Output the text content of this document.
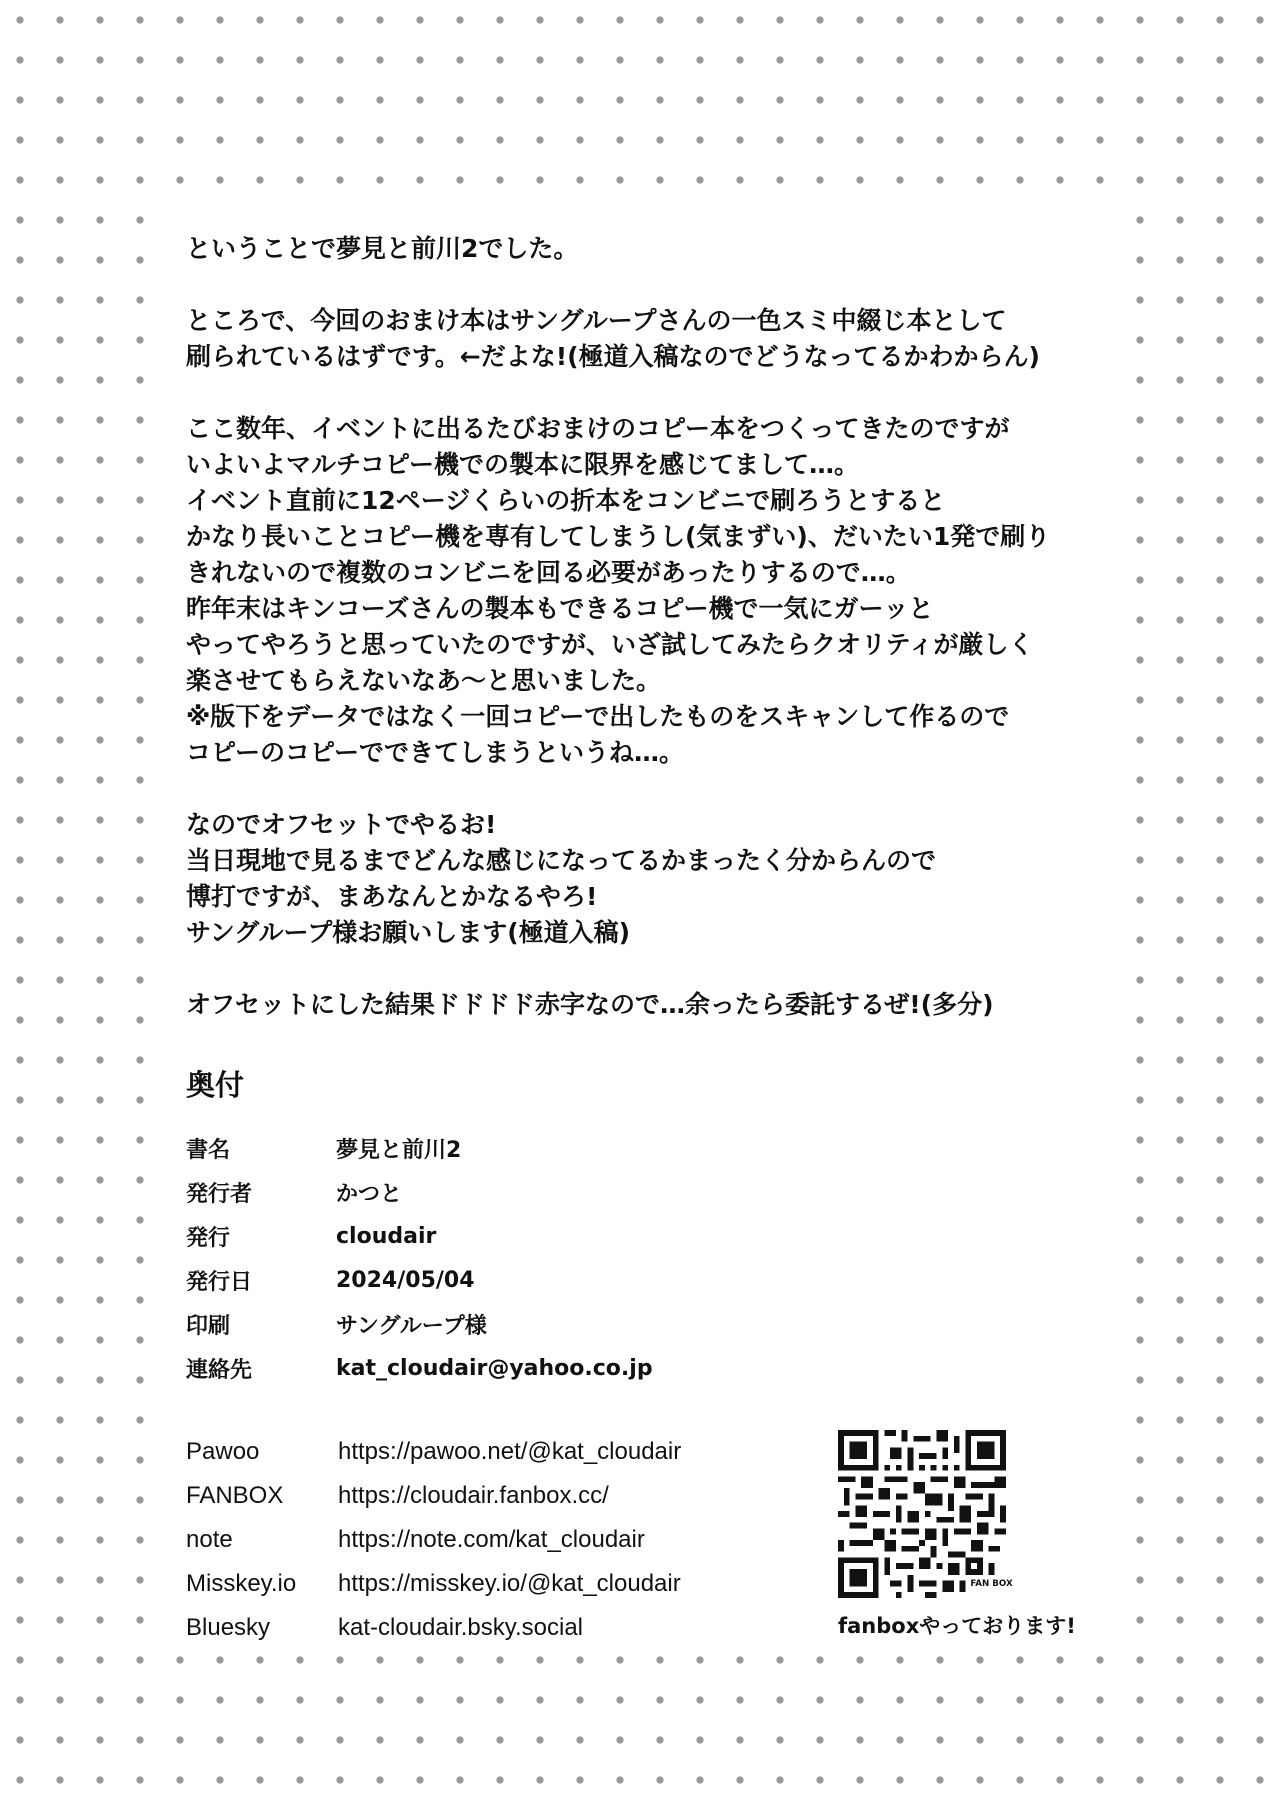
ということで夢見と前川2でした。

ところで、今回のおまけ本はサングループさんの一色スミ中綴じ本として
刷られているはずです。←だよな!(極道入稿なのでどうなってるかわからん)

ここ数年、イベントに出るたびおまけのコピー本をつくってきたのですが
いよいよマルチコピー機での製本に限界を感じてまして…。
イベント直前に12ページくらいの折本をコンビニで刷ろうとすると
かなり長いことコピー機を専有してしまうし(気まずい)、だいたい1発で刷り
きれないので複数のコンビニを回る必要があったりするので…。
昨年末はキンコーズさんの製本もできるコピー機で一気にガーッと
やってやろうと思っていたのですが、いざ試してみたらクオリティが厳しく
楽させてもらえないなあ～と思いました。
※版下をデータではなく一回コピーで出したものをスキャンして作るので
コピーのコピーでできてしまうというね…。

なのでオフセットでやるお!
当日現地で見るまでどんな感じになってるかまったく分からんので
博打ですが、まあなんとかなるやろ!
サングループ様お願いします(極道入稿)

オフセットにした結果ドドドド赤字なので…余ったら委託するぜ!(多分)

奥付
書名	夢見と前川2
発行者	かつと
発行	cloudair
発行日	2024/05/04
印刷	サングループ様
連絡先	kat_cloudair@yahoo.co.jp
Pawoo	https://pawoo.net/@kat_cloudair
FANBOX	https://cloudair.fanbox.cc/
note	https://note.com/kat_cloudair
Misskey.io	https://misskey.io/@kat_cloudair
Bluesky	kat-cloudair.bsky.social
FAN BOX
fanboxやっております!
